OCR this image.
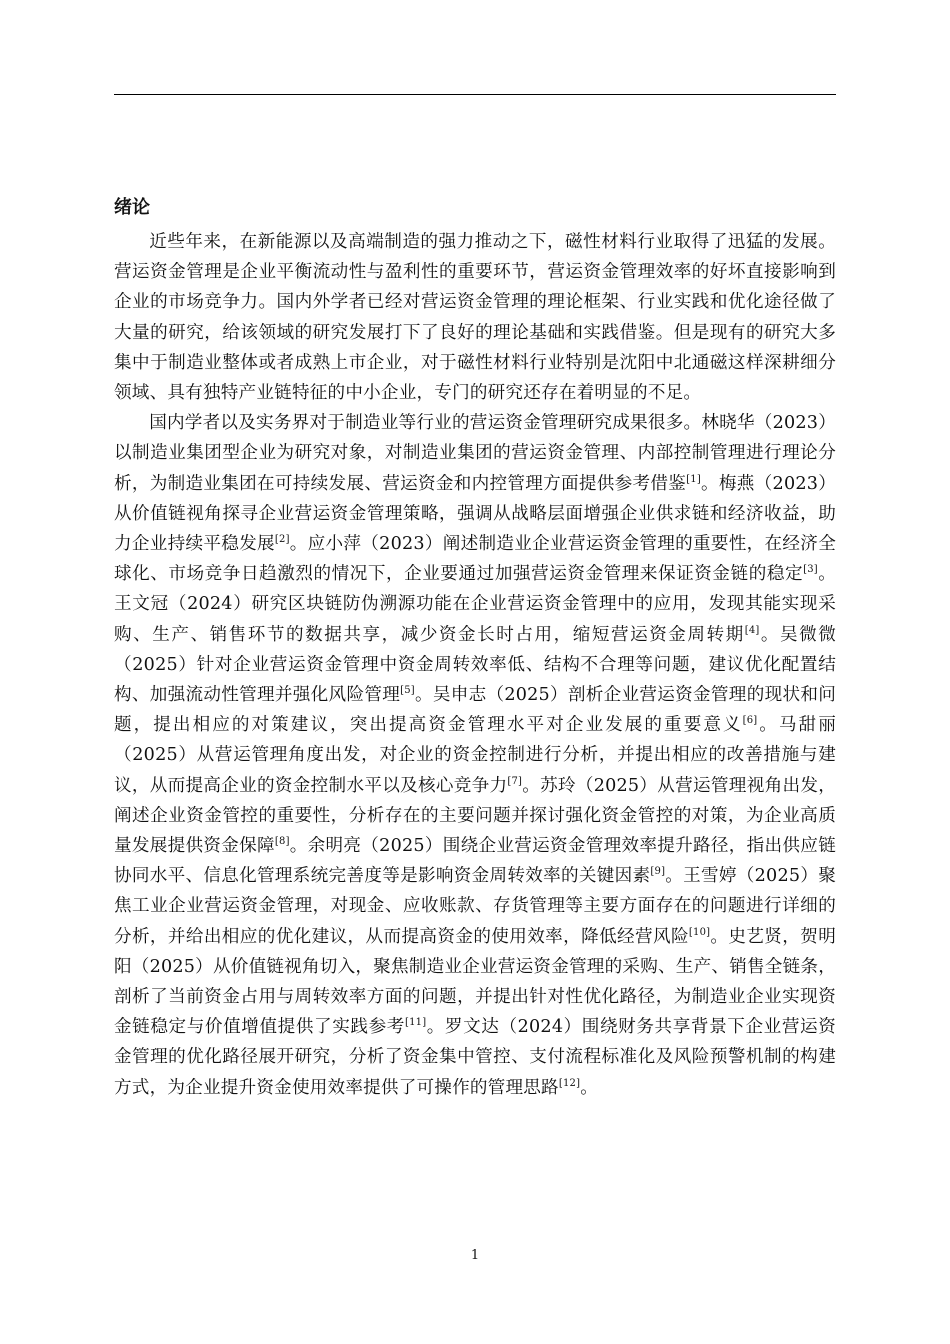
绪论

近些年来，在新能源以及高端制造的强力推动之下，磁性材料行业取得了迅猛的发展。营运资金管理是企业平衡流动性与盈利性的重要环节，营运资金管理效率的好坏直接影响到企业的市场竞争力。国内外学者已经对营运资金管理的理论框架、行业实践和优化途径做了大量的研究，给该领域的研究发展打下了良好的理论基础和实践借鉴。但是现有的研究大多集中于制造业整体或者成熟上市企业，对于磁性材料行业特别是沈阳中北通磁这样深耕细分领域、具有独特产业链特征的中小企业，专门的研究还存在着明显的不足。

国内学者以及实务界对于制造业等行业的营运资金管理研究成果很多。林晓华（2023）以制造业集团型企业为研究对象，对制造业集团的营运资金管理、内部控制管理进行理论分析，为制造业集团在可持续发展、营运资金和内控管理方面提供参考借鉴[1]。梅燕（2023）从价值链视角探寻企业营运资金管理策略，强调从战略层面增强企业供求链和经济收益，助力企业持续平稳发展[2]。应小萍（2023）阐述制造业企业营运资金管理的重要性，在经济全球化、市场竞争日趋激烈的情况下，企业要通过加强营运资金管理来保证资金链的稳定[3]。王文冠（2024）研究区块链防伪溯源功能在企业营运资金管理中的应用，发现其能实现采购、生产、销售环节的数据共享，减少资金长时占用，缩短营运资金周转期[4]。吴微微（2025）针对企业营运资金管理中资金周转效率低、结构不合理等问题，建议优化配置结构、加强流动性管理并强化风险管理[5]。吴申志（2025）剖析企业营运资金管理的现状和问题，提出相应的对策建议，突出提高资金管理水平对企业发展的重要意义[6]。马甜丽（2025）从营运管理角度出发，对企业的资金控制进行分析，并提出相应的改善措施与建议，从而提高企业的资金控制水平以及核心竞争力[7]。苏玲（2025）从营运管理视角出发，阐述企业资金管控的重要性，分析存在的主要问题并探讨强化资金管控的对策，为企业高质量发展提供资金保障[8]。余明亮（2025）围绕企业营运资金管理效率提升路径，指出供应链协同水平、信息化管理系统完善度等是影响资金周转效率的关键因素[9]。王雪婷（2025）聚焦工业企业营运资金管理，对现金、应收账款、存货管理等主要方面存在的问题进行详细的分析，并给出相应的优化建议，从而提高资金的使用效率，降低经营风险[10]。史艺贤，贺明阳（2025）从价值链视角切入，聚焦制造业企业营运资金管理的采购、生产、销售全链条，剖析了当前资金占用与周转效率方面的问题，并提出针对性优化路径，为制造业企业实现资金链稳定与价值增值提供了实践参考[11]。罗文达（2024）围绕财务共享背景下企业营运资金管理的优化路径展开研究，分析了资金集中管控、支付流程标准化及风险预警机制的构建方式，为企业提升资金使用效率提供了可操作的管理思路[12]。

1
